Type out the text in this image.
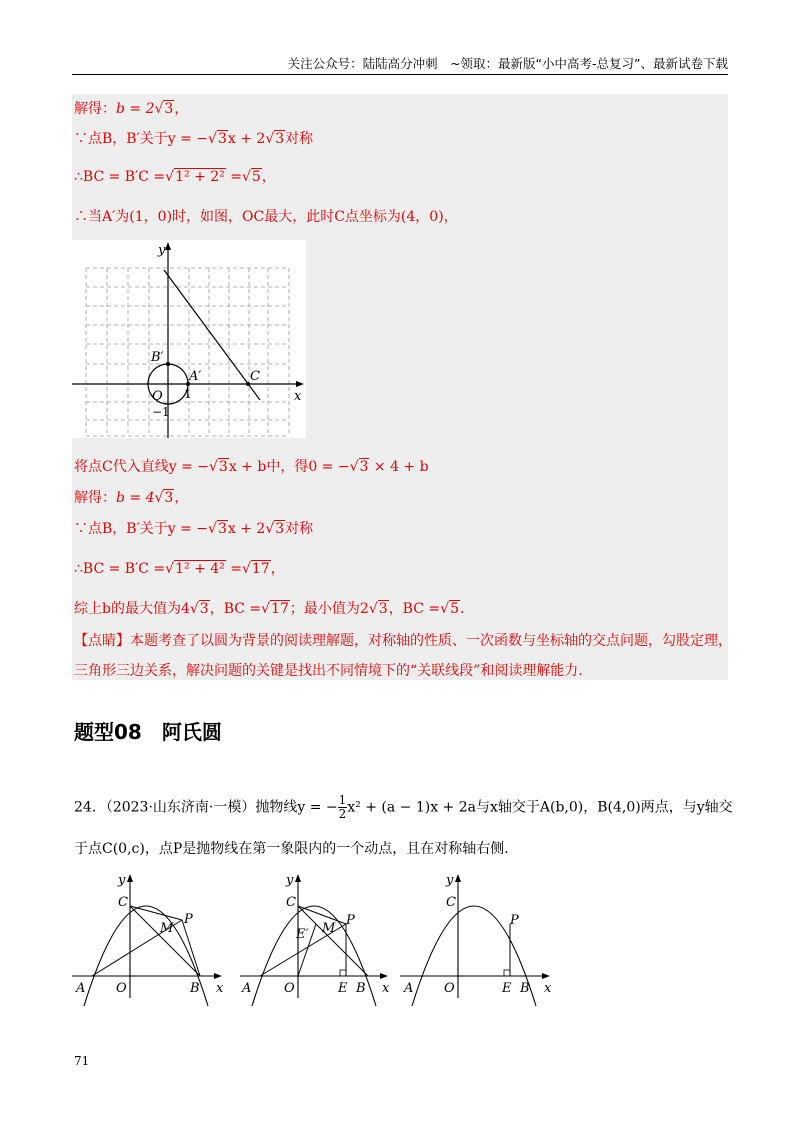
关注公众号：陆陆高分冲刺　~领取：最新版“小中高考-总复习”、最新试卷下载
解得：b = 2√3，
∵点B，B′关于y = −√3x + 2√3对称
∴BC = B′C =√1² + 2² =√5，
∴当A′为(1，0)时，如图，OC最大，此时C点坐标为(4，0)，
y
x
B′
A′	C
O 1
−1
将点C代入直线y = −√3x + b中，得0 = −√3 × 4 + b
解得：b = 4√3，
∵点B，B′关于y = −√3x + 2√3对称
∴BC = B′C =√1² + 4² =√17，
综上b的最大值为4√3，BC =√17；最小值为2√3，BC =√5.
【点睛】本题考查了以圆为背景的阅读理解题，对称轴的性质、一次函数与坐标轴的交点问题，勾股定理，
三角形三边关系，解决问题的关键是找出不同情境下的“关联线段”和阅读理解能力.
题型08　阿氏圆
24．（2023·山东济南·一模）抛物线y = − $\frac{1}{2}x^2 + (a - 1)x + 2a$与x轴交于A(b,0)，B(4,0)两点，与y轴交
于点C(0,c)，点P是抛物线在第一象限内的一个动点，且在对称轴右侧.
y
x
C
M
P
A O	B
y
x
C
E′ M
P
A	O	E B
y
x
C
P
A O	E B
71
